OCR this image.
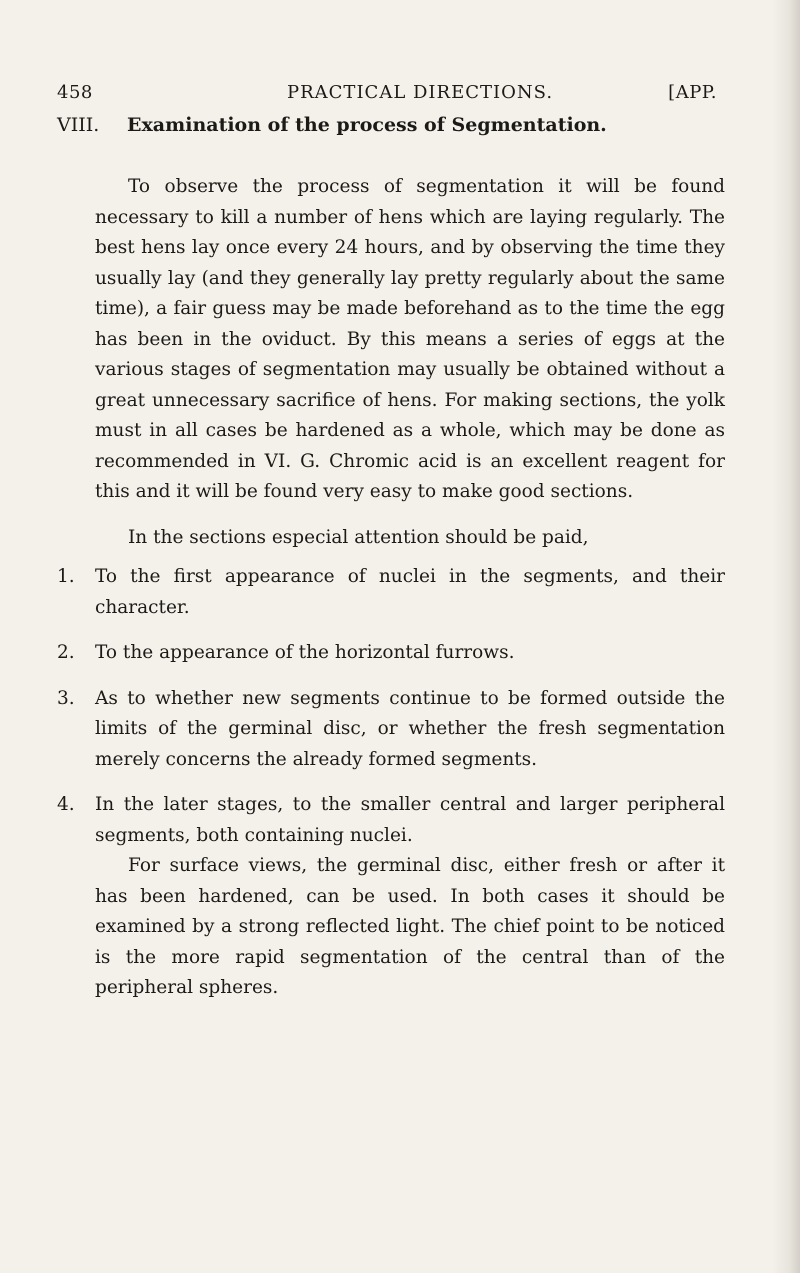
458	PRACTICAL DIRECTIONS.	[APP.
VIII. Examination of the process of Segmentation.

To observe the process of segmentation it will be found necessary to kill a number of hens which are laying regularly. The best hens lay once every 24 hours, and by observing the time they usually lay (and they generally lay pretty regularly about the same time), a fair guess may be made beforehand as to the time the egg has been in the oviduct. By this means a series of eggs at the various stages of segmentation may usually be obtained without a great unnecessary sacrifice of hens. For making sections, the yolk must in all cases be hardened as a whole, which may be done as recommended in VI. G. Chromic acid is an excellent reagent for this and it will be found very easy to make good sections.

In the sections especial attention should be paid,

1. To the first appearance of nuclei in the segments, and their character.
2. To the appearance of the horizontal furrows.
3. As to whether new segments continue to be formed outside the limits of the germinal disc, or whether the fresh segmentation merely concerns the already formed segments.
4. In the later stages, to the smaller central and larger peripheral segments, both containing nuclei.
For surface views, the germinal disc, either fresh or after it has been hardened, can be used. In both cases it should be examined by a strong reflected light. The chief point to be noticed is the more rapid segmentation of the central than of the peripheral spheres.
